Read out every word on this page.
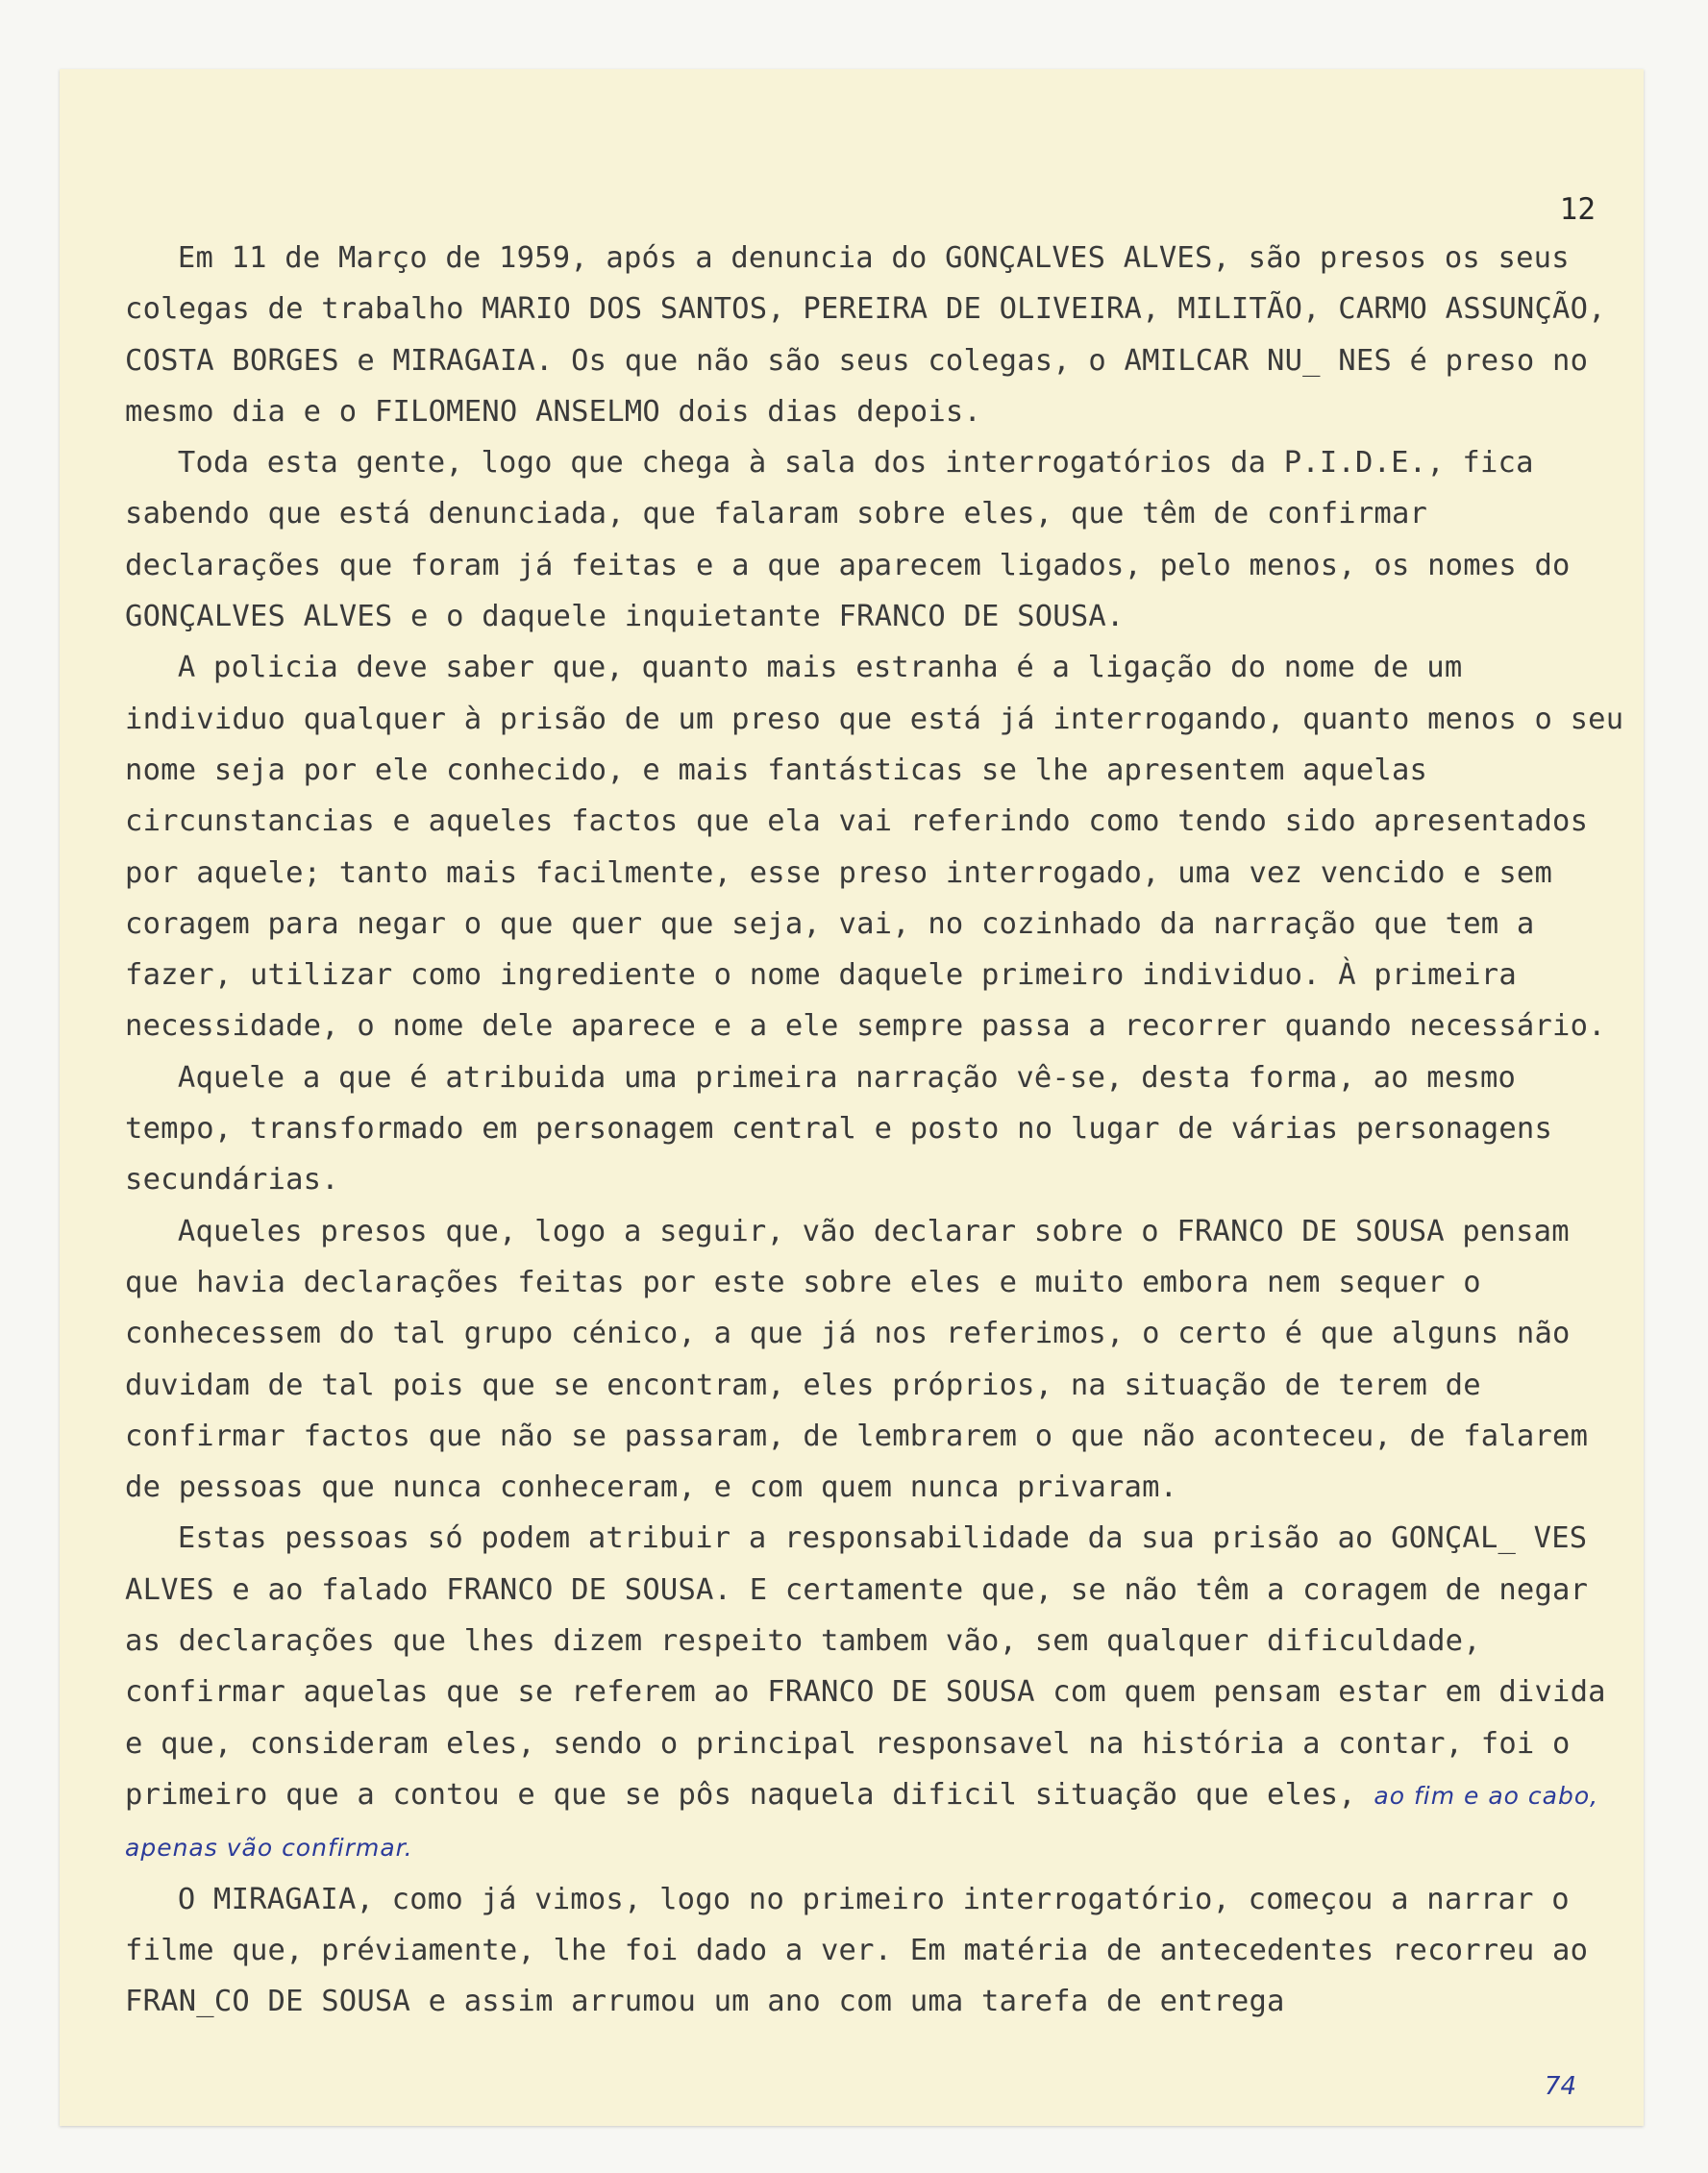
12

Em 11 de Março de 1959, após a denuncia do GONÇALVES ALVES, são presos os seus colegas de trabalho MARIO DOS SANTOS, PEREIRA DE OLIVEIRA, MILITÃO, CARMO ASSUNÇÃO, COSTA BORGES e MIRAGAIA. Os que não são seus colegas, o AMILCAR NU_ NES é preso no mesmo dia e o FILOMENO ANSELMO dois dias depois.

Toda esta gente, logo que chega à sala dos interrogatórios da P.I.D.E., fica sabendo que está denunciada, que falaram sobre eles, que têm de confirmar declarações que foram já feitas e a que aparecem ligados, pelo menos, os nomes do GONÇALVES ALVES e o daquele inquietante FRANCO DE SOUSA.

A policia deve saber que, quanto mais estranha é a ligação do nome de um individuo qualquer à prisão de um preso que está já interrogando, quanto menos o seu nome seja por ele conhecido, e mais fantásticas se lhe apresentem aquelas circunstancias e aqueles factos que ela vai referindo como tendo sido apresentados por aquele; tanto mais facilmente, esse preso interrogado, uma vez vencido e sem coragem para negar o que quer que seja, vai, no cozinhado da narração que tem a fazer, utilizar como ingrediente o nome daquele primeiro individuo. À primeira necessidade, o nome dele aparece e a ele sempre passa a recorrer quando necessário.

Aquele a que é atribuida uma primeira narração vê-se, desta forma, ao mesmo tempo, transformado em personagem central e posto no lugar de várias personagens secundárias.

Aqueles presos que, logo a seguir, vão declarar sobre o FRANCO DE SOUSA pensam que havia declarações feitas por este sobre eles e muito embora nem sequer o conhecessem do tal grupo cénico, a que já nos referimos, o certo é que alguns não duvidam de tal pois que se encontram, eles próprios, na situação de terem de confirmar factos que não se passaram, de lembrarem o que não aconteceu, de falarem de pessoas que nunca conheceram, e com quem nunca privaram.

Estas pessoas só podem atribuir a responsabilidade da sua prisão ao GONÇAL_ VES ALVES e ao falado FRANCO DE SOUSA. E certamente que, se não têm a coragem de negar as declarações que lhes dizem respeito tambem vão, sem qualquer dificuldade, confirmar aquelas que se referem ao FRANCO DE SOUSA com quem pensam estar em divida e que, consideram eles, sendo o principal responsavel na história a contar, foi o primeiro que a contou e que se pôs naquela dificil situação que eles, ao fim e ao cabo, apenas vão confirmar.

O MIRAGAIA, como já vimos, logo no primeiro interrogatório, começou a narrar o filme que, préviamente, lhe foi dado a ver. Em matéria de antecedentes recorreu ao FRAN_CO DE SOUSA e assim arrumou um ano com uma tarefa de entrega

74
